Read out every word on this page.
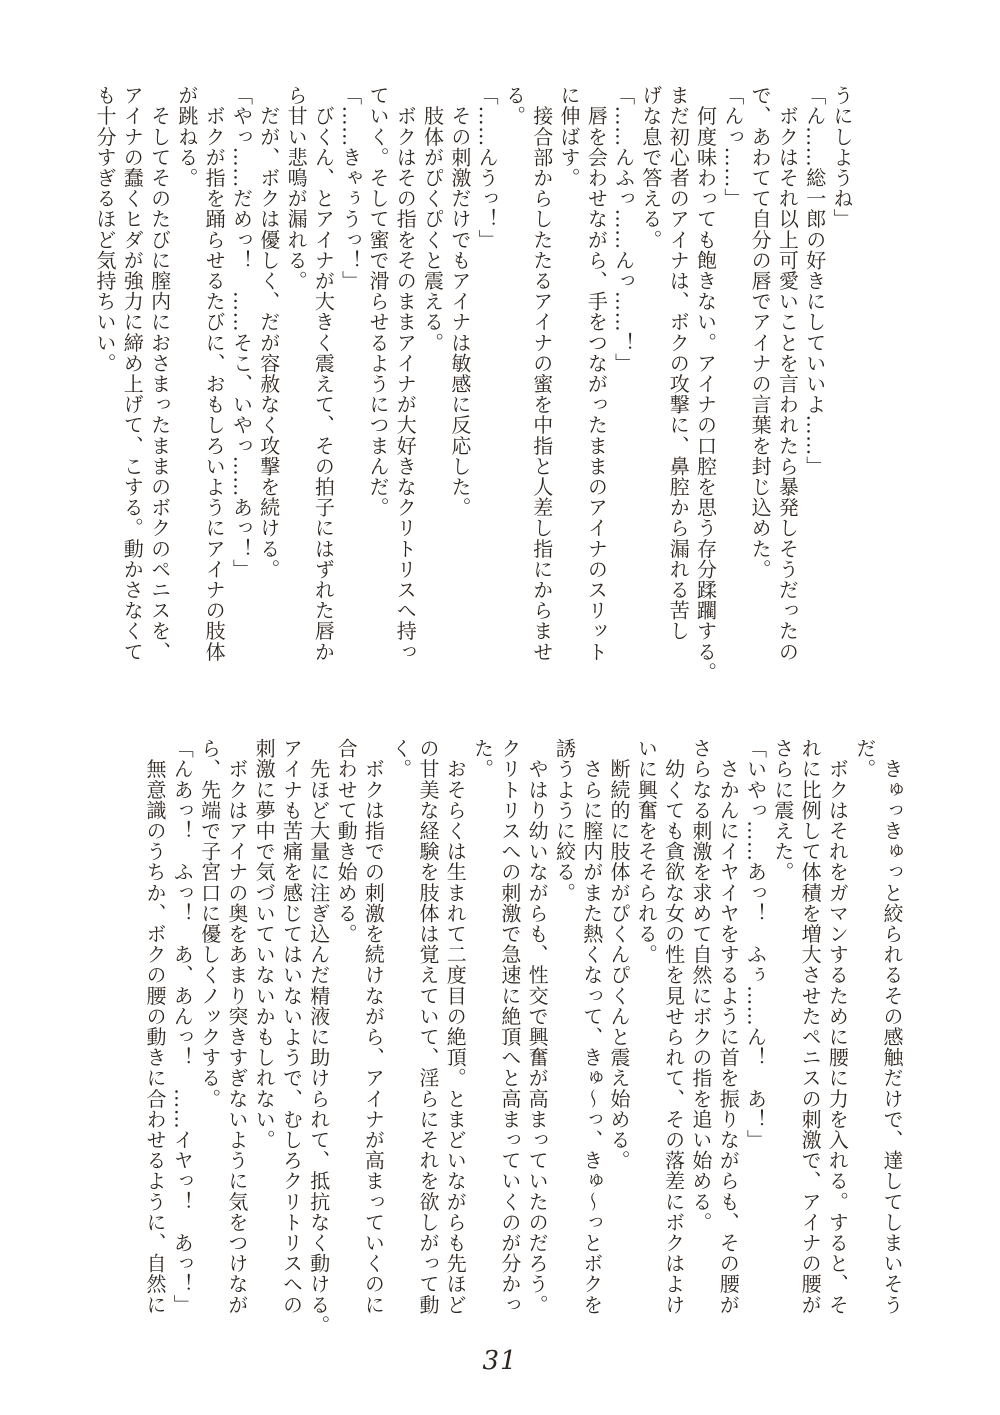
うにしようね」
「ん……総一郎の好きにしていいよ……」
　ボクはそれ以上可愛いことを言われたら暴発しそうだったの
で、あわてて自分の唇でアイナの言葉を封じ込めた。
「んっ……」
　何度味わっても飽きない。アイナの口腔を思う存分蹂躙する。
まだ初心者のアイナは、ボクの攻撃に、鼻腔から漏れる苦し
げな息で答える。
「……んふっ……んっ……！」
　唇を会わせながら、手をつながったままのアイナのスリット
に伸ばす。
　接合部からしたたるアイナの蜜を中指と人差し指にからませ
る。
「……んうっ！」
　その刺激だけでもアイナは敏感に反応した。
　肢体がぴくぴくと震える。
　ボクはその指をそのままアイナが大好きなクリトリスへ持っ
ていく。そして蜜で滑らせるようにつまんだ。
「……きゃぅうっ！」
　びくん、とアイナが大きく震えて、その拍子にはずれた唇か
ら甘い悲鳴が漏れる。
　だが、ボクは優しく、だが容赦なく攻撃を続ける。
「やっ……だめっ！　……そこ、いやっ……あっ！」
　ボクが指を踊らせるたびに、おもしろいようにアイナの肢体
が跳ねる。
　そしてそのたびに膣内におさまったままのボクのペニスを、
アイナの蠢くヒダが強力に締め上げて、こする。動かさなくて
も十分すぎるほど気持ちいい。
　きゅっきゅっと絞られるその感触だけで、達してしまいそう
だ。
　ボクはそれをガマンするために腰に力を入れる。すると、そ
れに比例して体積を増大させたペニスの刺激で、アイナの腰が
さらに震えた。
「いやっ……あっ！　ふぅ……ん！　あ！」
　さかんにイヤイヤをするように首を振りながらも、その腰が
さらなる刺激を求めて自然にボクの指を追い始める。
　幼くても貪欲な女の性を見せられて、その落差にボクはよけ
いに興奮をそそられる。
　断続的に肢体がぴくんぴくんと震え始める。
　さらに膣内がまた熱くなって、きゅ〜っ、きゅ〜っとボクを
誘うように絞る。
　やはり幼いながらも、性交で興奮が高まっていたのだろう。
クリトリスへの刺激で急速に絶頂へと高まっていくのが分かっ
た。
　おそらくは生まれて二度目の絶頂。とまどいながらも先ほど
の甘美な経験を肢体は覚えていて、淫らにそれを欲しがって動
く。
　ボクは指での刺激を続けながら、アイナが高まっていくのに
合わせて動き始める。
　先ほど大量に注ぎ込んだ精液に助けられて、抵抗なく動ける。
アイナも苦痛を感じてはいないようで、むしろクリトリスへの
刺激に夢中で気づいていないかもしれない。
　ボクはアイナの奥をあまり突きすぎないように気をつけなが
ら、先端で子宮口に優しくノックする。
「んあっ！　ふっ！　あ、あんっ！　……イヤっ！　あっ！」
　無意識のうちか、ボクの腰の動きに合わせるように、自然に
31
